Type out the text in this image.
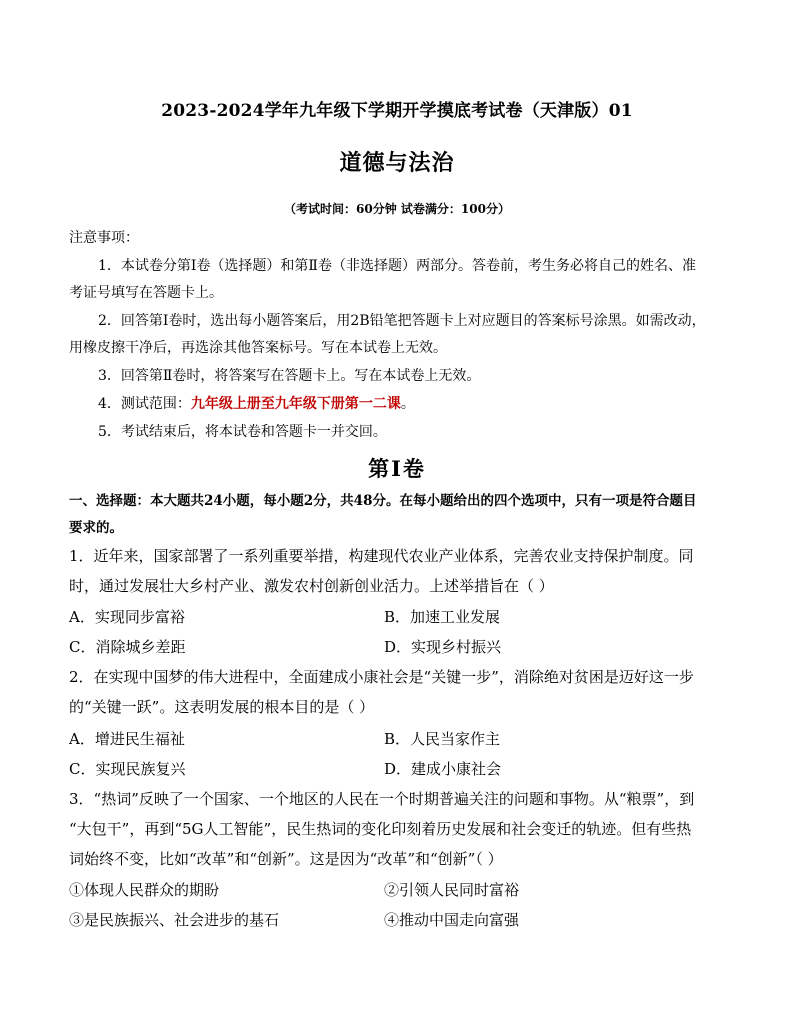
2023-2024学年九年级下学期开学摸底考试卷（天津版）01
道德与法治
（考试时间：60分钟 试卷满分：100分）
注意事项：
1．本试卷分第Ⅰ卷（选择题）和第Ⅱ卷（非选择题）两部分。答卷前，考生务必将自己的姓名、准
考证号填写在答题卡上。
2．回答第Ⅰ卷时，选出每小题答案后，用2B铅笔把答题卡上对应题目的答案标号涂黑。如需改动，
用橡皮擦干净后，再选涂其他答案标号。写在本试卷上无效。
3．回答第Ⅱ卷时，将答案写在答题卡上。写在本试卷上无效。
4．测试范围：九年级上册至九年级下册第一二课。
5．考试结束后，将本试卷和答题卡一并交回。
第Ⅰ卷
一、选择题：本大题共24小题，每小题2分，共48分。在每小题给出的四个选项中，只有一项是符合题目
要求的。
1．近年来，国家部署了一系列重要举措，构建现代农业产业体系，完善农业支持保护制度。同
时，通过发展壮大乡村产业、激发农村创新创业活力。上述举措旨在（ ）
A．实现同步富裕	B．加速工业发展
C．消除城乡差距	D．实现乡村振兴
2．在实现中国梦的伟大进程中，全面建成小康社会是“关键一步”，消除绝对贫困是迈好这一步
的“关键一跃”。这表明发展的根本目的是（ ）
A．增进民生福祉	B．人民当家作主
C．实现民族复兴	D．建成小康社会
3．“热词”反映了一个国家、一个地区的人民在一个时期普遍关注的问题和事物。从“粮票”，到
“大包干”，再到“5G人工智能”，民生热词的变化印刻着历史发展和社会变迁的轨迹。但有些热
词始终不变，比如“改革”和“创新”。这是因为“改革”和“创新”（ ）
①体现人民群众的期盼	②引领人民同时富裕
③是民族振兴、社会进步的基石	④推动中国走向富强
